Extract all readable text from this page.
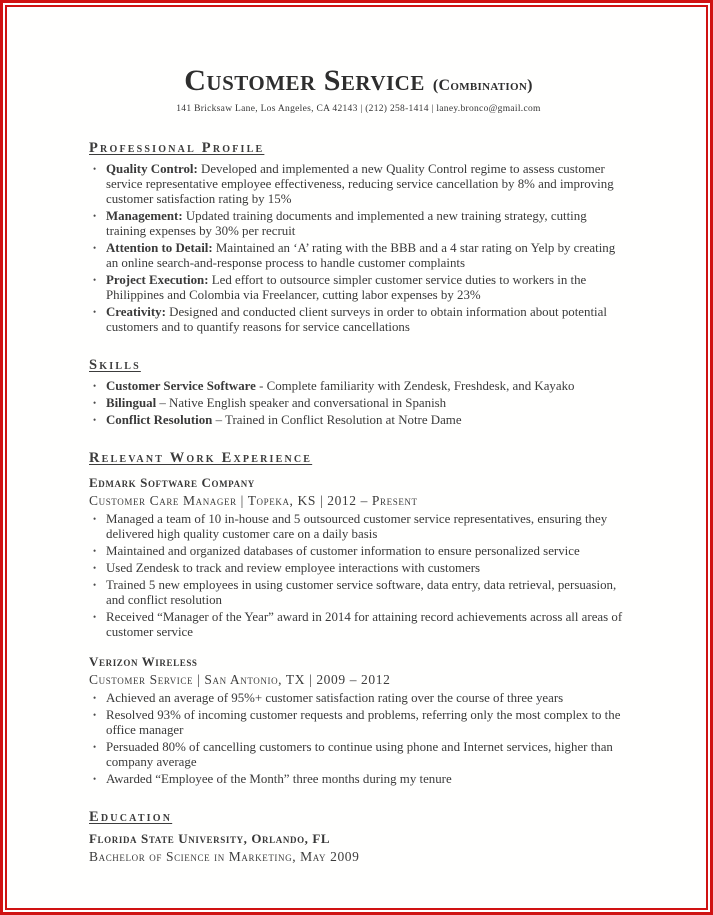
Customer Service (Combination)
141 Bricksaw Lane, Los Angeles, CA 42143 | (212) 258-1414 | laney.bronco@gmail.com
Professional Profile
• Quality Control: Developed and implemented a new Quality Control regime to assess customer service representative employee effectiveness, reducing service cancellation by 8% and improving customer satisfaction rating by 15%
• Management: Updated training documents and implemented a new training strategy, cutting training expenses by 30% per recruit
• Attention to Detail: Maintained an ‘A’ rating with the BBB and a 4 star rating on Yelp by creating an online search-and-response process to handle customer complaints
• Project Execution: Led effort to outsource simpler customer service duties to workers in the Philippines and Colombia via Freelancer, cutting labor expenses by 23%
• Creativity: Designed and conducted client surveys in order to obtain information about potential customers and to quantify reasons for service cancellations
Skills
• Customer Service Software - Complete familiarity with Zendesk, Freshdesk, and Kayako
• Bilingual – Native English speaker and conversational in Spanish
• Conflict Resolution – Trained in Conflict Resolution at Notre Dame
Relevant Work Experience
Edmark Software Company
Customer Care Manager | Topeka, KS | 2012 – Present
• Managed a team of 10 in-house and 5 outsourced customer service representatives, ensuring they delivered high quality customer care on a daily basis
• Maintained and organized databases of customer information to ensure personalized service
• Used Zendesk to track and review employee interactions with customers
• Trained 5 new employees in using customer service software, data entry, data retrieval, persuasion, and conflict resolution
• Received “Manager of the Year” award in 2014 for attaining record achievements across all areas of customer service
Verizon Wireless
Customer Service | San Antonio, TX | 2009 – 2012
• Achieved an average of 95%+ customer satisfaction rating over the course of three years
• Resolved 93% of incoming customer requests and problems, referring only the most complex to the office manager
• Persuaded 80% of cancelling customers to continue using phone and Internet services, higher than company average
• Awarded “Employee of the Month” three months during my tenure
Education
Florida State University, Orlando, FL
Bachelor of Science in Marketing, May 2009
